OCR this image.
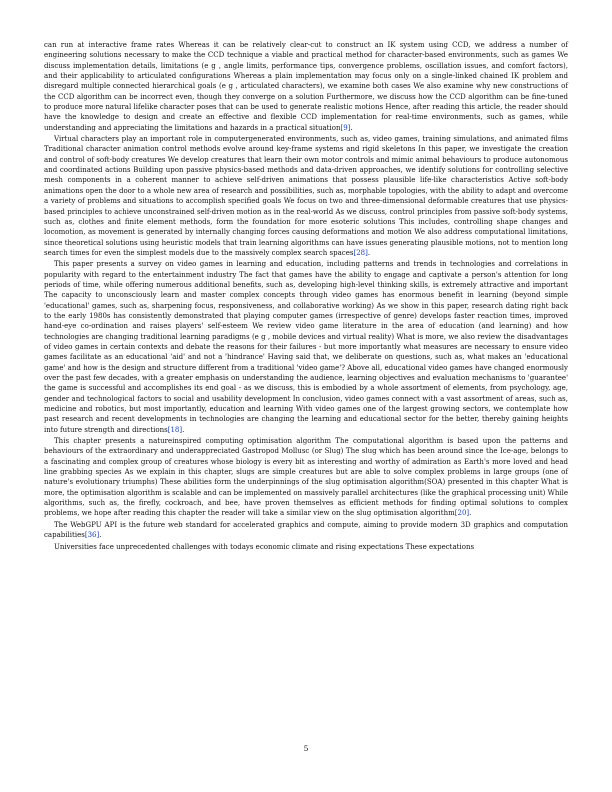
can run at interactive frame rates Whereas it can be relatively clear-cut to construct an IK system using CCD, we address a number of engineering solutions necessary to make the CCD technique a viable and practical method for character-based environments, such as games We discuss implementation details, limitations (e g , angle limits, performance tips, convergence problems, oscillation issues, and comfort factors), and their applicability to articulated configurations Whereas a plain implementation may focus only on a single-linked chained IK problem and disregard multiple connected hierarchical goals (e g , articulated characters), we examine both cases We also examine why new constructions of the CCD algorithm can be incorrect even, though they converge on a solution Furthermore, we discuss how the CCD algorithm can be fine-tuned to produce more natural lifelike character poses that can be used to generate realistic motions Hence, after reading this article, the reader should have the knowledge to design and create an effective and flexible CCD implementation for real-time environments, such as games, while understanding and appreciating the limitations and hazards in a practical situation[9].

Virtual characters play an important role in computergenerated environments, such as, video games, training simulations, and animated films Traditional character animation control methods evolve around key-frame systems and rigid skeletons In this paper, we investigate the creation and control of soft-body creatures We develop creatures that learn their own motor controls and mimic animal behaviours to produce autonomous and coordinated actions Building upon passive physics-based methods and data-driven approaches, we identify solutions for controlling selective mesh components in a coherent manner to achieve self-driven animations that possess plausible life-like characteristics Active soft-body animations open the door to a whole new area of research and possibilities, such as, morphable topologies, with the ability to adapt and overcome a variety of problems and situations to accomplish specified goals We focus on two and three-dimensional deformable creatures that use physics-based principles to achieve unconstrained self-driven motion as in the real-world As we discuss, control principles from passive soft-body systems, such as, clothes and finite element methods, form the foundation for more esoteric solutions This includes, controlling shape changes and locomotion, as movement is generated by internally changing forces causing deformations and motion We also address computational limitations, since theoretical solutions using heuristic models that train learning algorithms can have issues generating plausible motions, not to mention long search times for even the simplest models due to the massively complex search spaces[28].

This paper presents a survey on video games in learning and education, including patterns and trends in technologies and correlations in popularity with regard to the entertainment industry The fact that games have the ability to engage and captivate a person's attention for long periods of time, while offering numerous additional benefits, such as, developing high-level thinking skills, is extremely attractive and important The capacity to unconsciously learn and master complex concepts through video games has enormous benefit in learning (beyond simple 'educational' games, such as, sharpening focus, responsiveness, and collaborative working) As we show in this paper, research dating right back to the early 1980s has consistently demonstrated that playing computer games (irrespective of genre) develops faster reaction times, improved hand-eye co-ordination and raises players' self-esteem We review video game literature in the area of education (and learning) and how technologies are changing traditional learning paradigms (e g , mobile devices and virtual reality) What is more, we also review the disadvantages of video games in certain contexts and debate the reasons for their failures - but more importantly what measures are necessary to ensure video games facilitate as an educational 'aid' and not a 'hindrance' Having said that, we deliberate on questions, such as, what makes an 'educational game' and how is the design and structure different from a traditional 'video game'? Above all, educational video games have changed enormously over the past few decades, with a greater emphasis on understanding the audience, learning objectives and evaluation mechanisms to 'guarantee' the game is successful and accomplishes its end goal - as we discuss, this is embodied by a whole assortment of elements, from psychology, age, gender and technological factors to social and usability development In conclusion, video games connect with a vast assortment of areas, such as, medicine and robotics, but most importantly, education and learning With video games one of the largest growing sectors, we contemplate how past research and recent developments in technologies are changing the learning and educational sector for the better, thereby gaining heights into future strength and directions[18].

This chapter presents a natureinspired computing optimisation algorithm The computational algorithm is based upon the patterns and behaviours of the extraordinary and underappreciated Gastropod Mollusc (or Slug) The slug which has been around since the Ice-age, belongs to a fascinating and complex group of creatures whose biology is every bit as interesting and worthy of admiration as Earth's more loved and head line grabbing species As we explain in this chapter, slugs are simple creatures but are able to solve complex problems in large groups (one of nature's evolutionary triumphs) These abilities form the underpinnings of the slug optimisation algorithm(SOA) presented in this chapter What is more, the optimisation algorithm is scalable and can be implemented on massively parallel architectures (like the graphical processing unit) While algorithms, such as, the firefly, cockroach, and bee, have proven themselves as efficient methods for finding optimal solutions to complex problems, we hope after reading this chapter the reader will take a similar view on the slug optimisation algorithm[20].

The WebGPU API is the future web standard for accelerated graphics and compute, aiming to provide modern 3D graphics and computation capabilities[36].

Universities face unprecedented challenges with todays economic climate and rising expectations These expectations

5
